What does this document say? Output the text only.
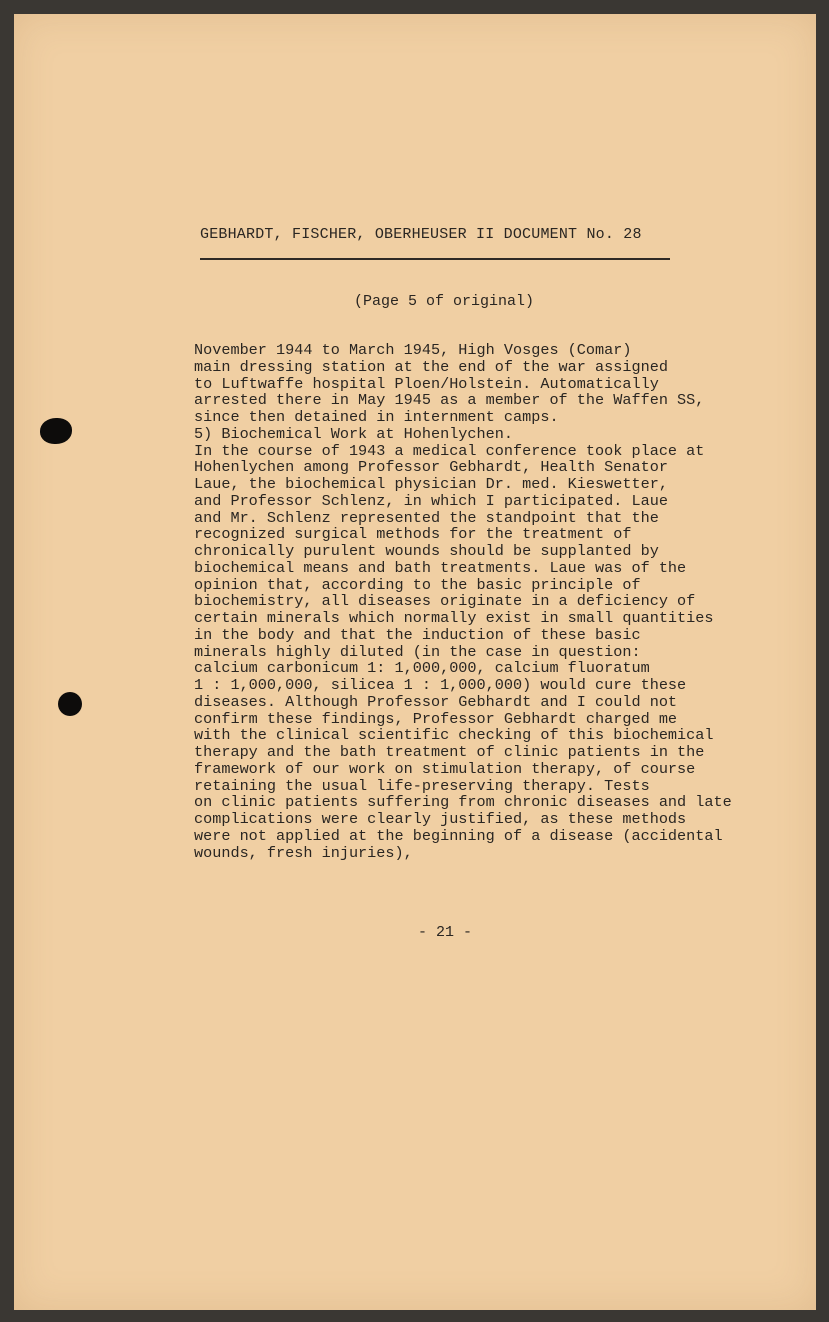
GEBHARDT, FISCHER, OBERHEUSER II DOCUMENT No. 28
(Page 5 of original)
November 1944 to March 1945, High Vosges (Comar)
main dressing station at the end of the war assigned
to Luftwaffe hospital Ploen/Holstein. Automatically
arrested there in May 1945 as a member of the Waffen SS,
since then detained in internment camps.
5) Biochemical Work at Hohenlychen.
In the course of 1943 a medical conference took place at
Hohenlychen among Professor Gebhardt, Health Senator
Laue, the biochemical physician Dr. med. Kieswetter,
and Professor Schlenz, in which I participated. Laue
and Mr. Schlenz represented the standpoint that the
recognized surgical methods for the treatment of
chronically purulent wounds should be supplanted by
biochemical means and bath treatments. Laue was of the
opinion that, according to the basic principle of
biochemistry, all diseases originate in a deficiency of
certain minerals which normally exist in small quantities
in the body and that the induction of these basic
minerals highly diluted (in the case in question:
calcium carbonicum 1: 1,000,000, calcium fluoratum
1 : 1,000,000, silicea 1 : 1,000,000) would cure these
diseases. Although Professor Gebhardt and I could not
confirm these findings, Professor Gebhardt charged me
with the clinical scientific checking of this biochemical
therapy and the bath treatment of clinic patients in the
framework of our work on stimulation therapy, of course
retaining the usual life-preserving therapy. Tests
on clinic patients suffering from chronic diseases and late
complications were clearly justified, as these methods
were not applied at the beginning of a disease (accidental
wounds, fresh injuries),
- 21 -
